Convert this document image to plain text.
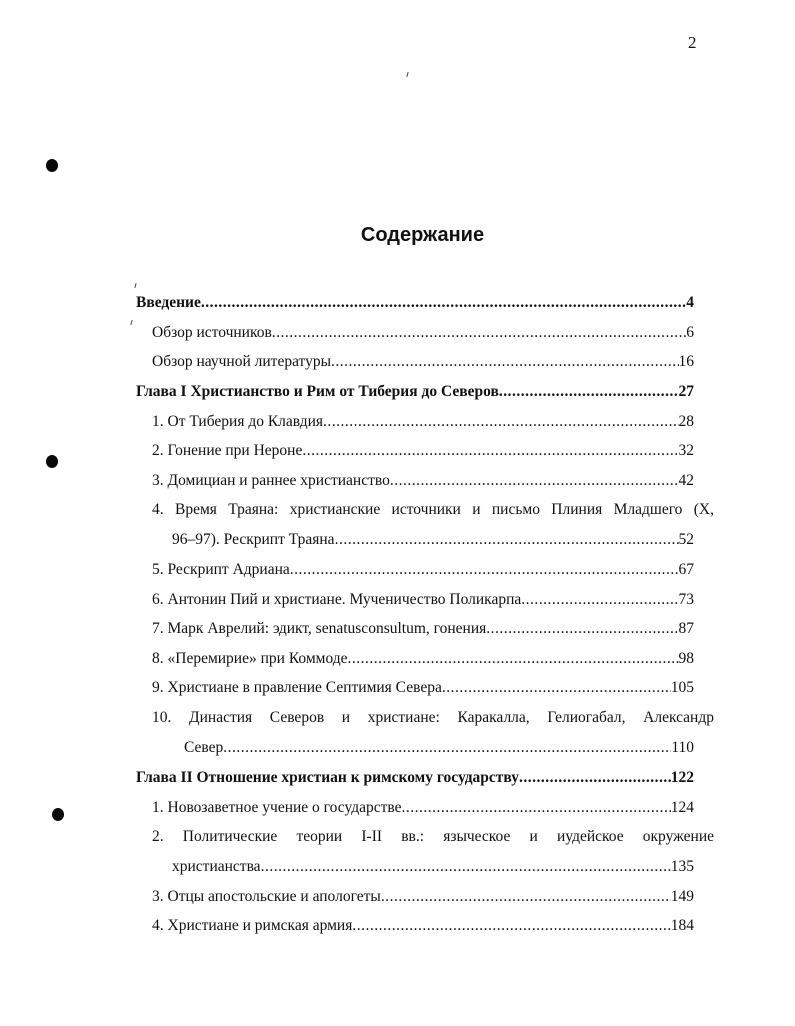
2
Содержание
Введение .....	4
Обзор источников .....	6
Обзор научной литературы .....	16
Глава I Христианство и Рим от Тиберия до Северов .....	27
1. От Тиберия до Клавдия .....	28
2. Гонение при Нероне .....	32
3. Домициан и раннее христианство .....	42
4. Время Траяна: христианские источники и письмо Плиния Младшего (X,
96–97). Рескрипт Траяна .....	52
5. Рескрипт Адриана .....	67
6. Антонин Пий и христиане. Мученичество Поликарпа .....	73
7. Марк Аврелий: эдикт, senatusconsultum, гонения .....	87
8. «Перемирие» при Коммоде .....	98
9. Христиане в правление Септимия Севера .....	105
10. Династия Северов и христиане: Каракалла, Гелиогабал, Александр
Север .....	110
Глава II Отношение христиан к римскому государству .....	122
1. Новозаветное учение о государстве .....	124
2. Политические теории I-II вв.: языческое и иудейское окружение
христианства .....	135
3. Отцы апостольские и апологеты .....	149
4. Христиане и римская армия .....	184
